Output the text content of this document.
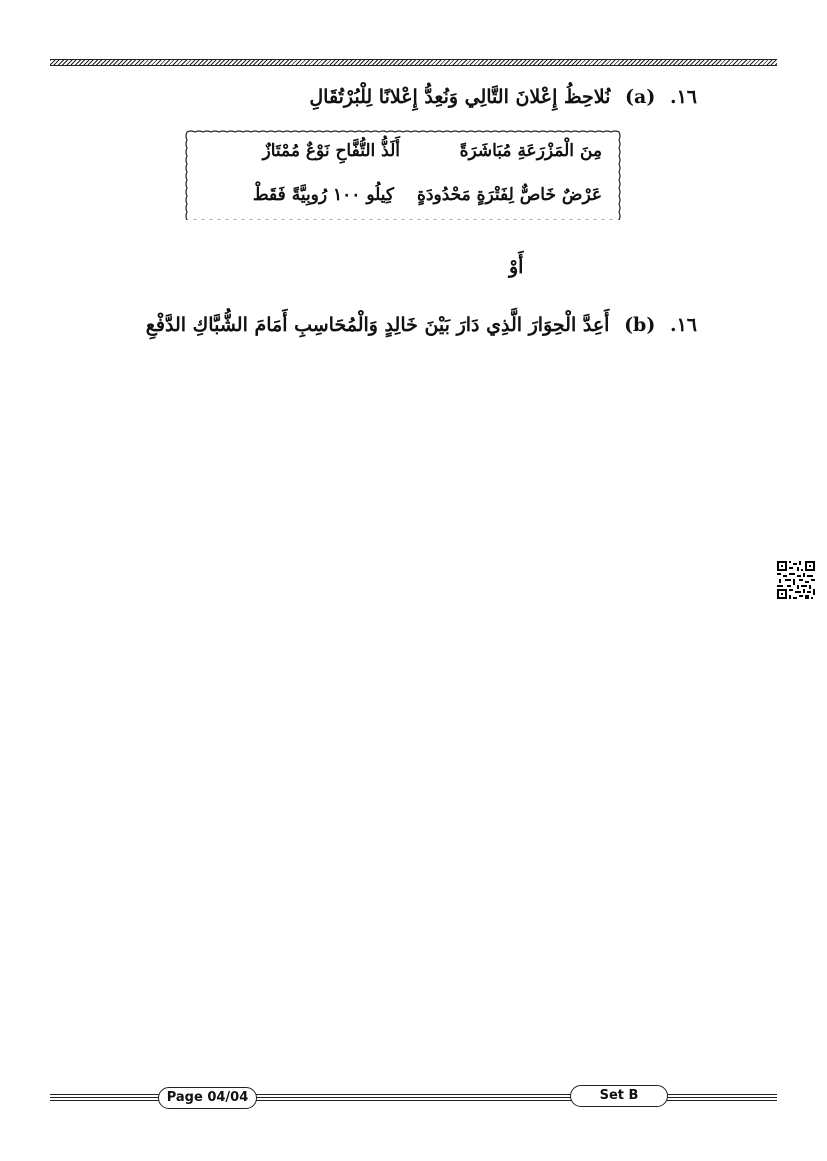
١٦. (a) نُلاحِظُ إِعْلانَ التَّالِي وَنُعِدُّ إِعْلانًا لِلْبُرْتُقَالِ
مِنَ الْمَزْرَعَةِ مُبَاشَرَةً
أَلَذُّ التُّفَّاحِ نَوْعٌ مُمْتَازٌ
عَرْضٌ خَاصٌّ لِفَتْرَةٍ مَحْدُودَةٍ
كِيلُو ١٠٠ رُوبِيَّةً فَقَطْ
أَوْ
١٦. (b) أَعِدَّ الْحِوَارَ الَّذِي دَارَ بَيْنَ خَالِدٍ وَالْمُحَاسِبِ أَمَامَ الشُّبَّاكِ الدَّفْعِ
Page 04/04	Set B
